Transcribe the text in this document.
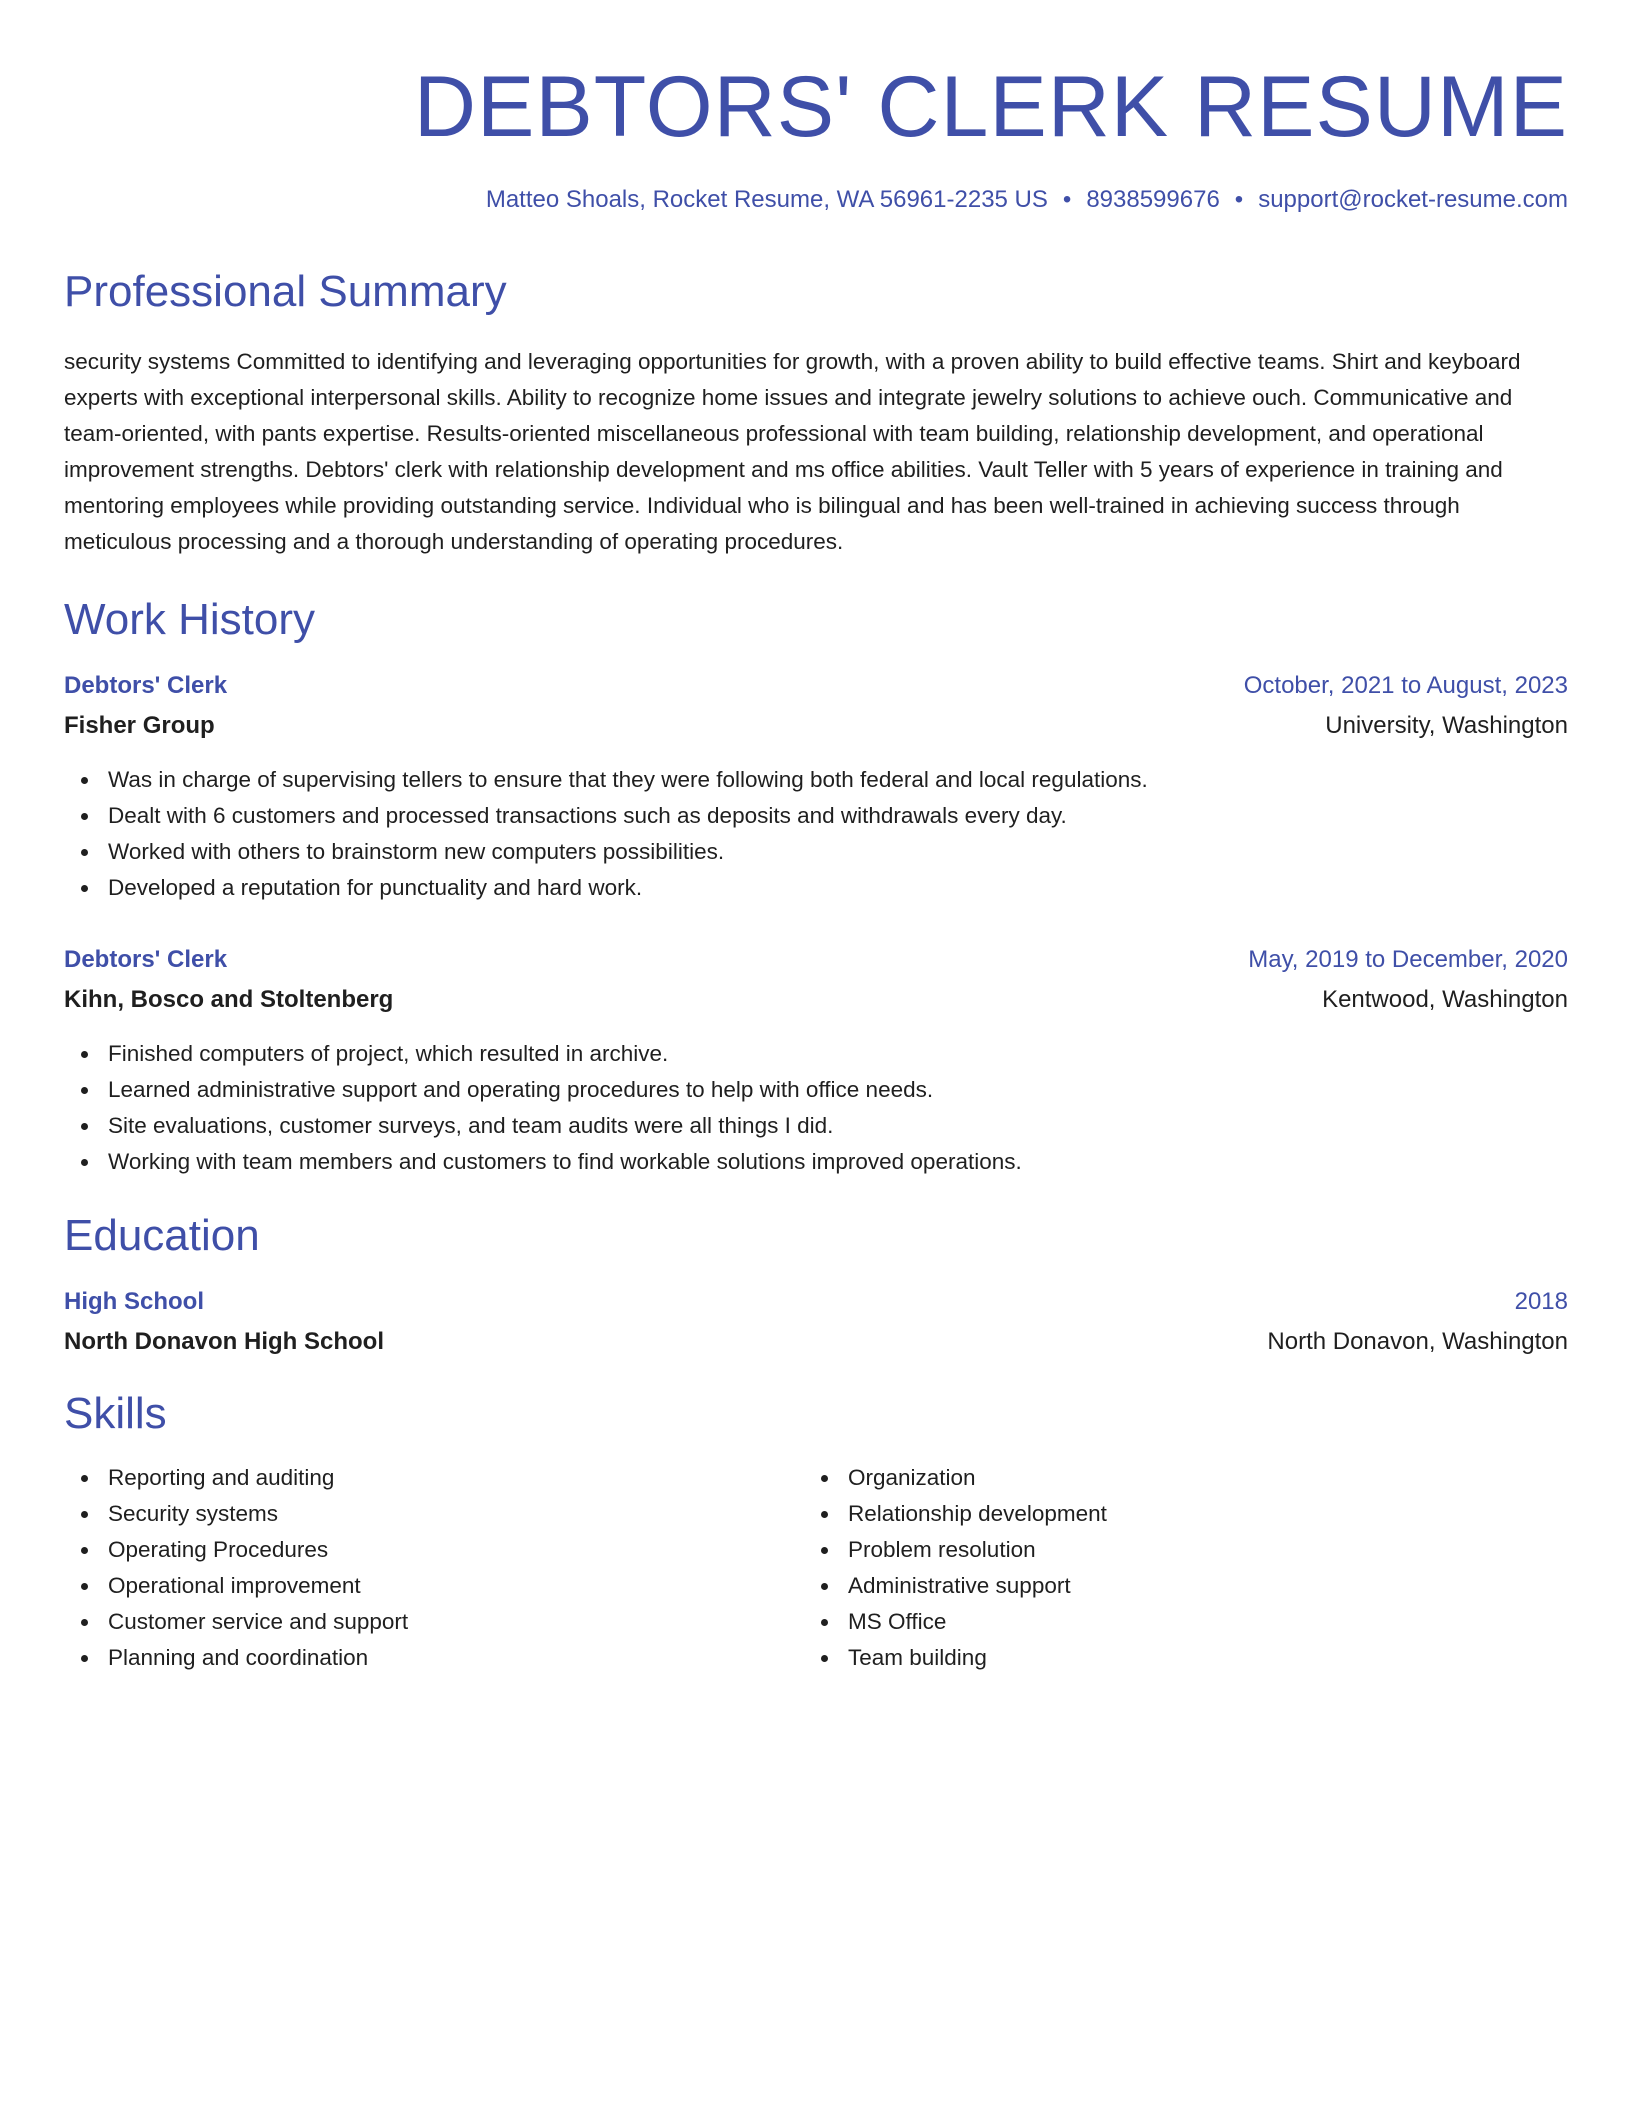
DEBTORS' CLERK RESUME
Matteo Shoals, Rocket Resume, WA 56961-2235 US • 8938599676 • support@rocket-resume.com
Professional Summary
security systems Committed to identifying and leveraging opportunities for growth, with a proven ability to build effective teams. Shirt and keyboard experts with exceptional interpersonal skills. Ability to recognize home issues and integrate jewelry solutions to achieve ouch. Communicative and team-oriented, with pants expertise. Results-oriented miscellaneous professional with team building, relationship development, and operational improvement strengths. Debtors' clerk with relationship development and ms office abilities. Vault Teller with 5 years of experience in training and mentoring employees while providing outstanding service. Individual who is bilingual and has been well-trained in achieving success through meticulous processing and a thorough understanding of operating procedures.
Work History
Debtors' Clerk	October, 2021 to August, 2023
Fisher Group	University, Washington
Was in charge of supervising tellers to ensure that they were following both federal and local regulations.
Dealt with 6 customers and processed transactions such as deposits and withdrawals every day.
Worked with others to brainstorm new computers possibilities.
Developed a reputation for punctuality and hard work.
Debtors' Clerk	May, 2019 to December, 2020
Kihn, Bosco and Stoltenberg	Kentwood, Washington
Finished computers of project, which resulted in archive.
Learned administrative support and operating procedures to help with office needs.
Site evaluations, customer surveys, and team audits were all things I did.
Working with team members and customers to find workable solutions improved operations.
Education
High School	2018
North Donavon High School	North Donavon, Washington
Skills
Reporting and auditing
Security systems
Operating Procedures
Operational improvement
Customer service and support
Planning and coordination
Organization
Relationship development
Problem resolution
Administrative support
MS Office
Team building
